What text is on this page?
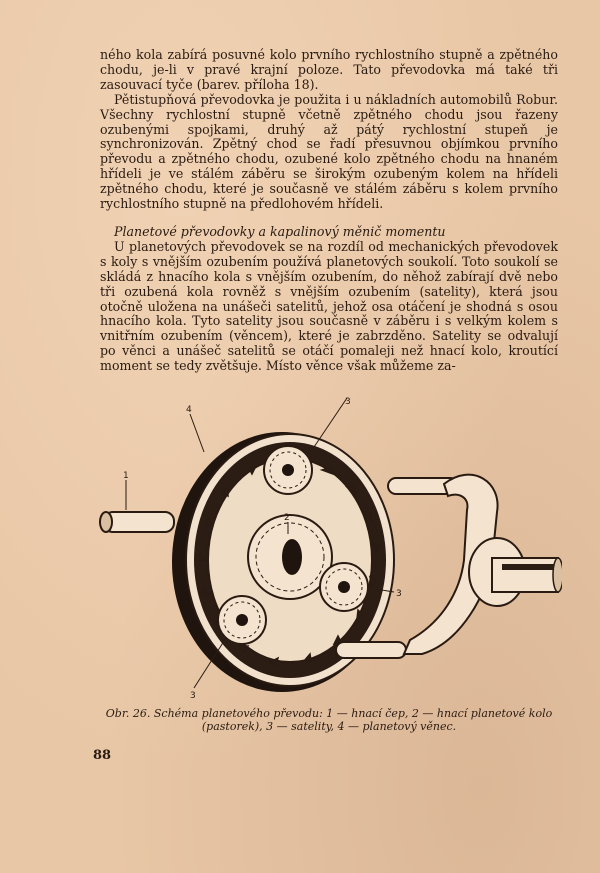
ného kola zabírá posuvné kolo prvního rychlostního stupně a zpětného chodu, je-li v pravé krajní poloze. Tato převodovka má také tři zasouvací tyče (barev. příloha 18).

Pětistupňová převodovka je použita i u nákladních automobilů Robur. Všechny rychlostní stupně včetně zpětného chodu jsou řazeny ozubenými spojkami, druhý až pátý rychlostní stupeň je synchronizován. Zpětný chod se řadí přesuvnou objímkou prvního převodu a zpětného chodu, ozubené kolo zpětného chodu na hnaném hřídeli je ve stálém záběru se širokým ozubeným kolem na hřídeli zpětného chodu, které je současně ve stálém záběru s kolem prvního rychlostního stupně na předlohovém hřídeli.

Planetové převodovky a kapalinový měnič momentu

U planetových převodovek se na rozdíl od mechanických převodovek s koly s vnějším ozubením používá planetových soukolí. Toto soukolí se skládá z hnacího kola s vnějším ozubením, do něhož zabírají dvě nebo tři ozubená kola rovněž s vnějším ozubením (satelity), která jsou otočně uložena na unášeči satelitů, jehož osa otáčení je shodná s osou hnacího kola. Tyto satelity jsou současně v záběru i s velkým kolem s vnitřním ozubením (věncem), které je zabrzděno. Satelity se odvalují po věnci a unášeč satelitů se otáčí pomaleji než hnací kolo, kroutící moment se tedy zvětšuje. Místo věnce však můžeme za-

1
2
3
3
3
4
Obr. 26. Schéma planetového převodu: 1 — hnací čep, 2 — hnací planetové kolo (pastorek), 3 — satelity, 4 — planetový věnec.
88
